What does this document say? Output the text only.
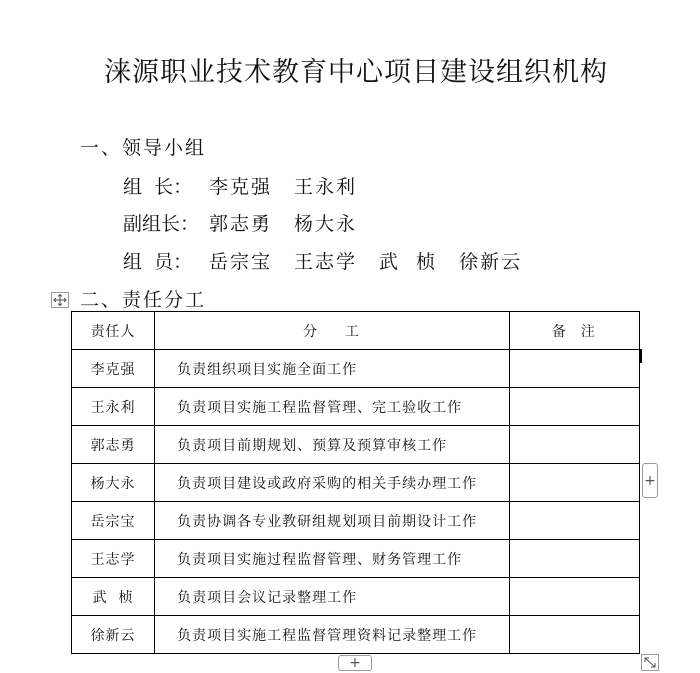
涞源职业技术教育中心项目建设组织机构
一、领导小组
组  长： 李克强 王永利
副组长： 郭志勇 杨大永
组  员： 岳宗宝 王志学 武  桢 徐新云
二、责任分工
责任人	分    工	备  注
李克强	负责组织项目实施全面工作	
王永利	负责项目实施工程监督管理、完工验收工作	
郭志勇	负责项目前期规划、预算及预算审核工作	
杨大永	负责项目建设或政府采购的相关手续办理工作	
岳宗宝	负责协调各专业教研组规划项目前期设计工作	
王志学	负责项目实施过程监督管理、财务管理工作	
武  桢	负责项目会议记录整理工作	
徐新云	负责项目实施工程监督管理资料记录整理工作	
+
+
